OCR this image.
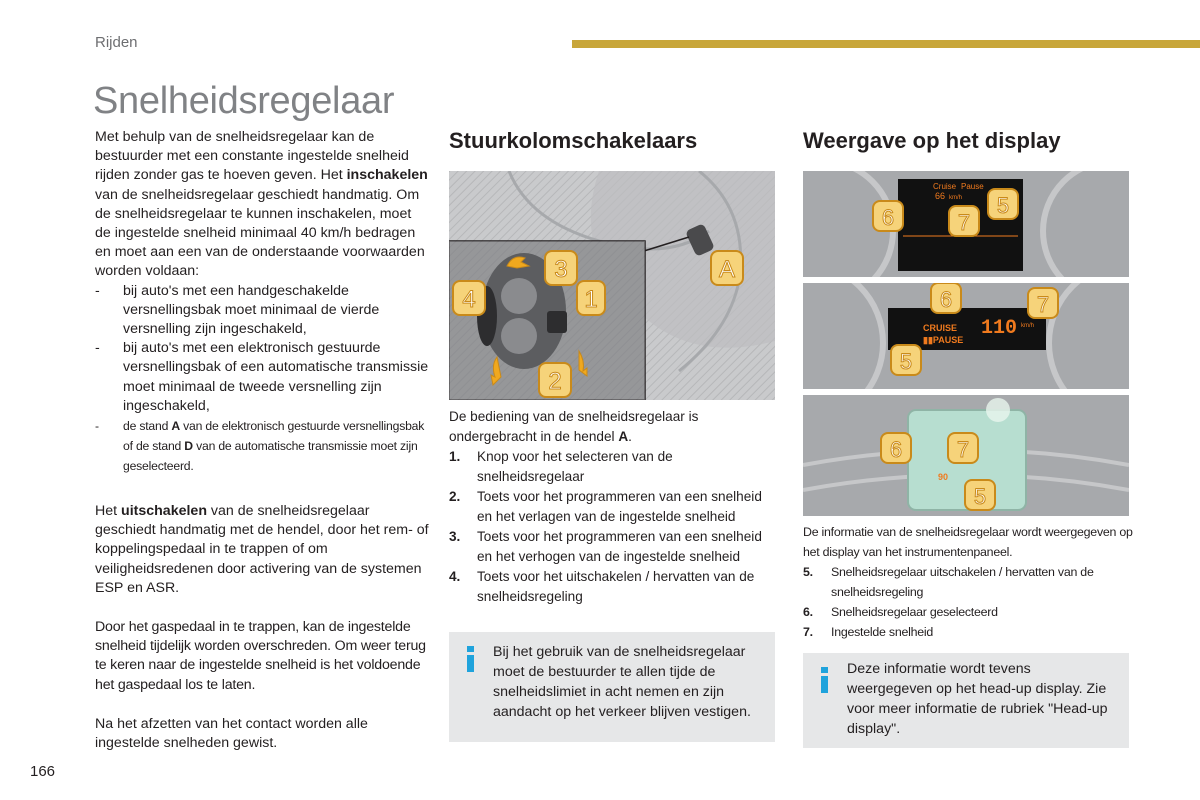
Rijden
Snelheidsregelaar

Met behulp van de snelheidsregelaar kan de bestuurder met een constante ingestelde snelheid rijden zonder gas te hoeven geven. Het inschakelen van de snelheidsregelaar geschiedt handmatig. Om de snelheidsregelaar te kunnen inschakelen, moet de ingestelde snelheid minimaal 40 km/h bedragen en moet aan een van de onderstaande voorwaarden worden voldaan:

- bij auto's met een handgeschakelde versnellingsbak moet minimaal de vierde versnelling zijn ingeschakeld,
- bij auto's met een elektronisch gestuurde versnellingsbak of een automatische transmissie moet minimaal de tweede versnelling zijn ingeschakeld,
- de stand A van de elektronisch gestuurde versnellingsbak of de stand D van de automatische transmissie moet zijn geselecteerd.

Het uitschakelen van de snelheidsregelaar geschiedt handmatig met de hendel, door het rem- of koppelingspedaal in te trappen of om veiligheidsredenen door activering van de systemen ESP en ASR.

Door het gaspedaal in te trappen, kan de ingestelde snelheid tijdelijk worden overschreden. Om weer terug te keren naar de ingestelde snelheid is het voldoende het gaspedaal los te laten.

Na het afzetten van het contact worden alle ingestelde snelheden gewist.

Stuurkolomschakelaars
A
3
4	1
2

De bediening van de snelheidsregelaar is ondergebracht in de hendel A.

1. Knop voor het selecteren van de snelheidsregelaar
2. Toets voor het programmeren van een snelheid en het verlagen van de ingestelde snelheid
3. Toets voor het programmeren van een snelheid en het verhogen van de ingestelde snelheid
4. Toets voor het uitschakelen / hervatten van de snelheidsregeling
Bij het gebruik van de snelheidsregelaar moet de bestuurder te allen tijde de snelheidslimiet in acht nemen en zijn aandacht op het verkeer blijven vestigen.
Weergave op het display
Cruise Pause
66 km/h
6	7
5
CRUISE
▮▮PAUSE 110 km/h
6	7
5
90
6 7
5

De informatie van de snelheidsregelaar wordt weergegeven op het display van het instrumentenpaneel.

5. Snelheidsregelaar uitschakelen / hervatten van de snelheidsregeling
6. Snelheidsregelaar geselecteerd
7. Ingestelde snelheid
Deze informatie wordt tevens weergegeven op het head-up display. Zie voor meer informatie de rubriek "Head-up display".
166
